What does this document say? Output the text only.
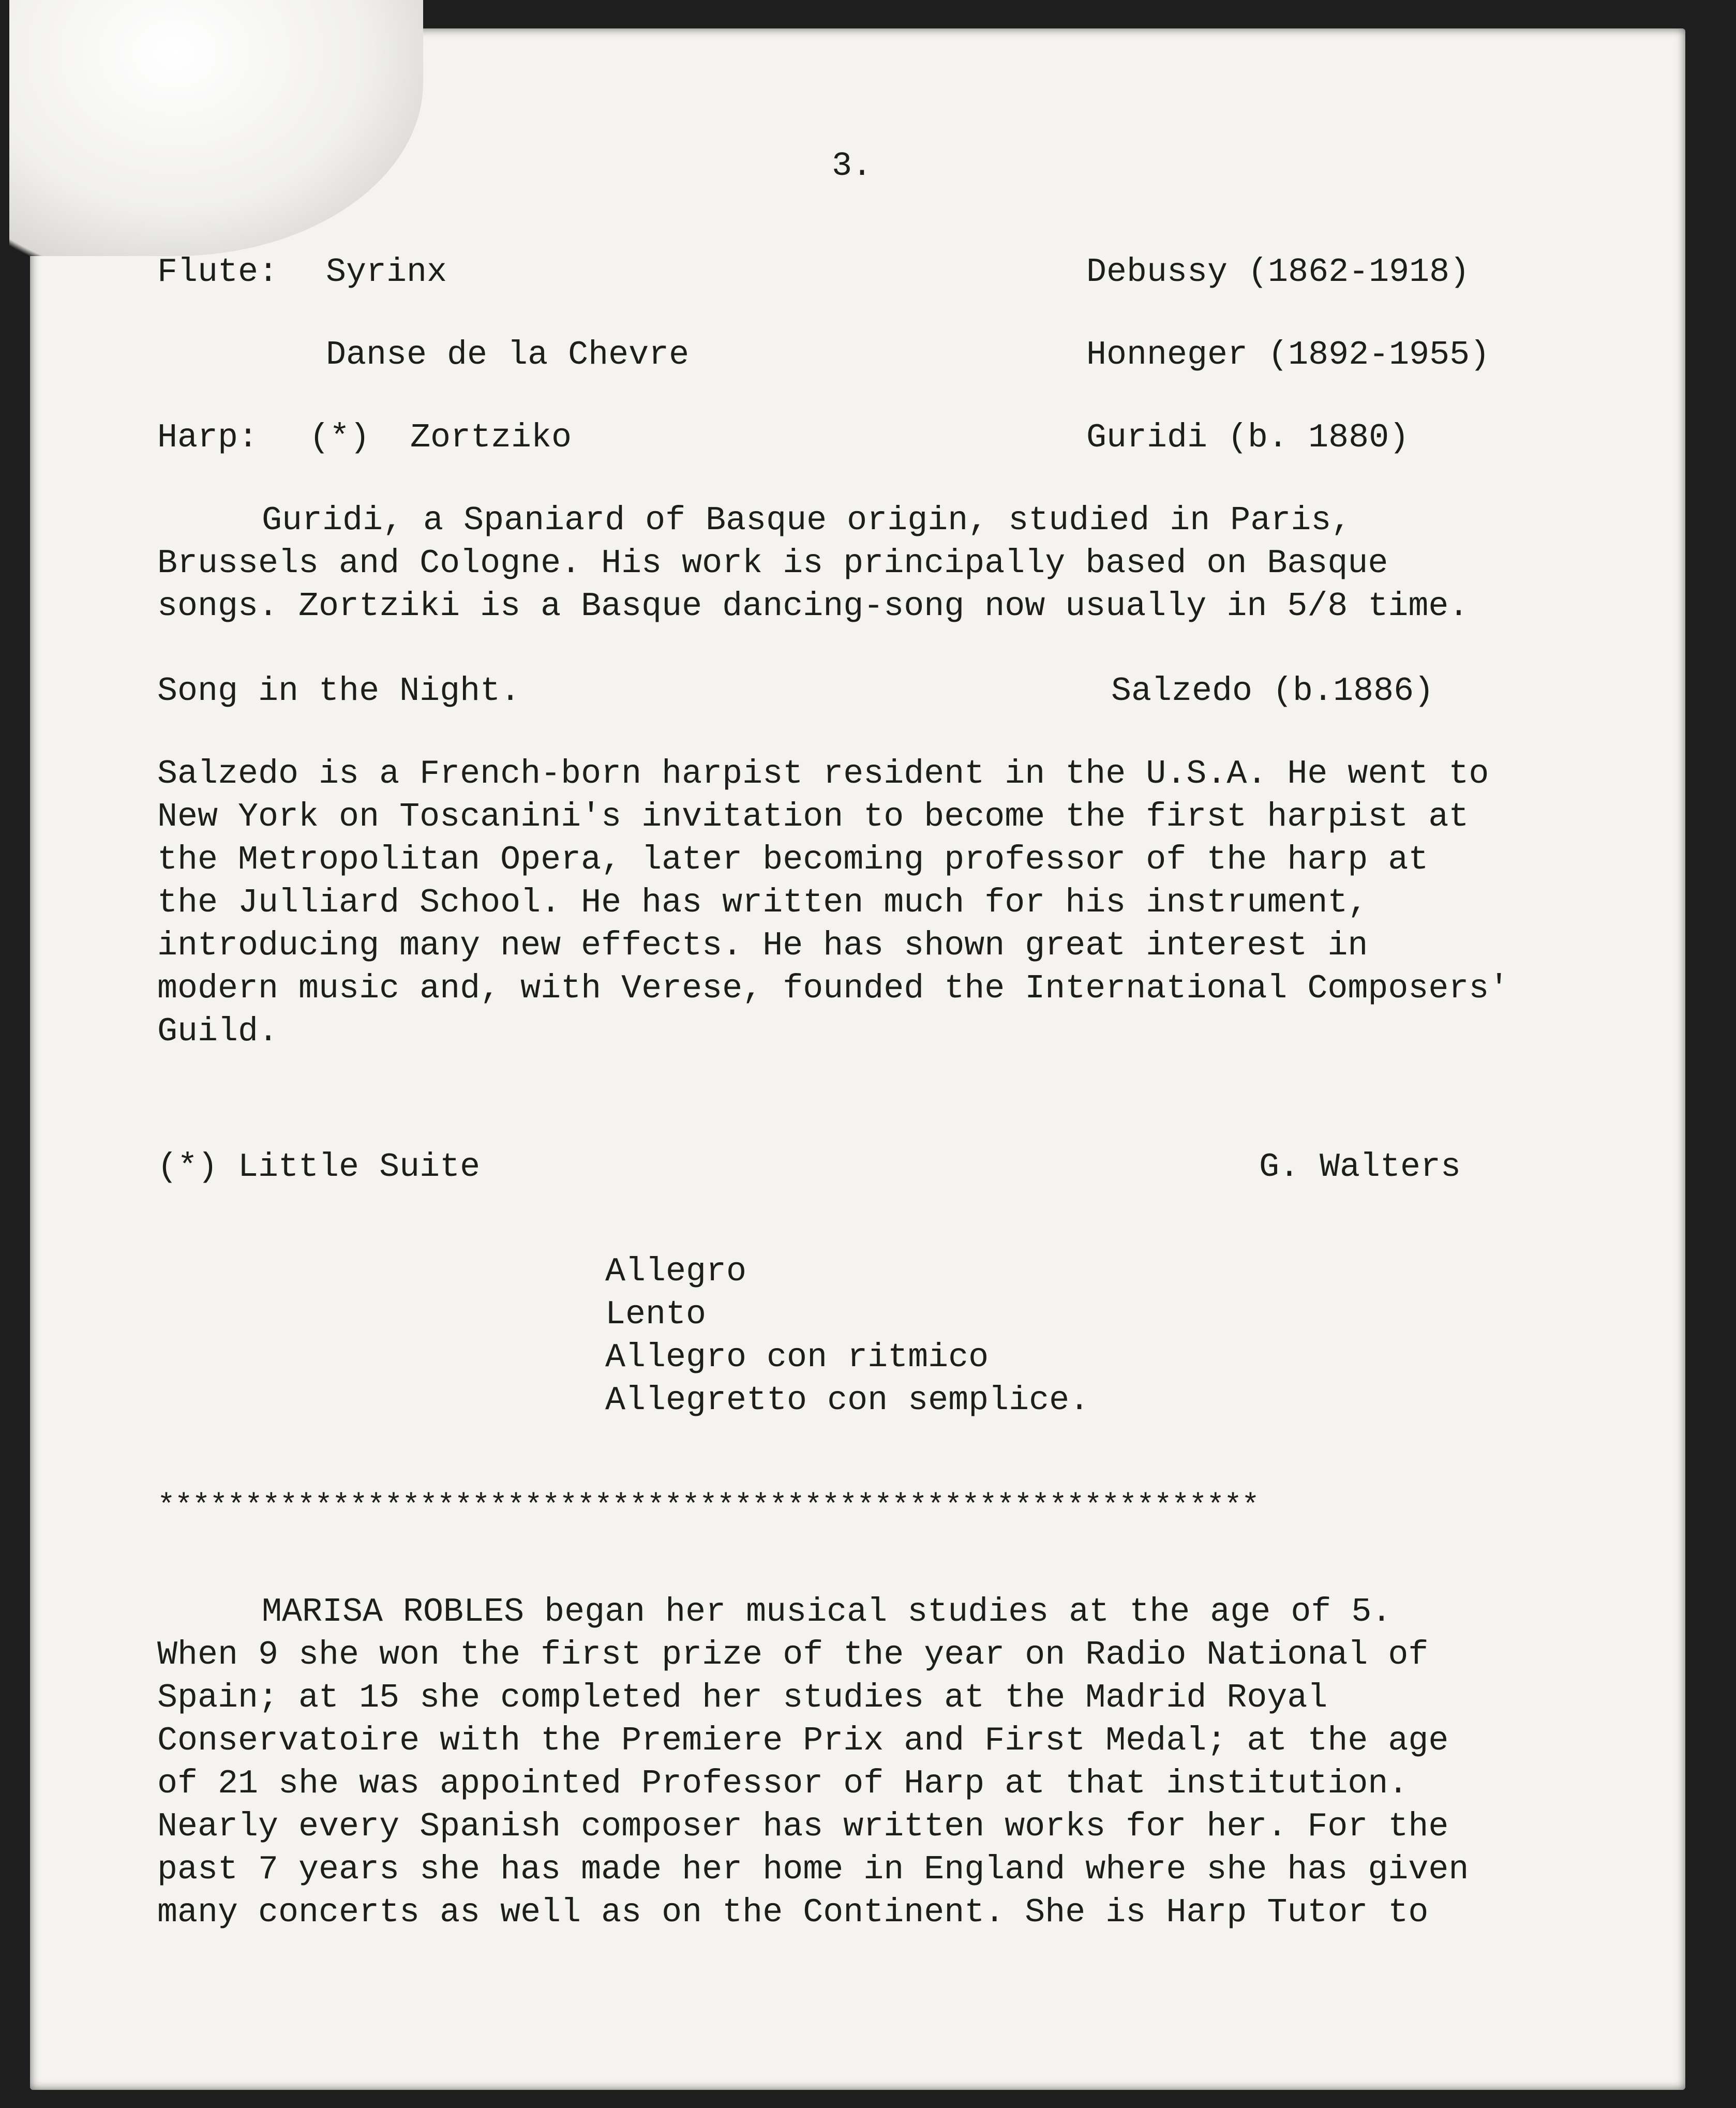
3.
Flute: Syrinx	Debussy (1862-1918)
Danse de la Chevre	Honneger (1892-1955)
Harp: (*) Zortziko	Guridi (b. 1880)
Guridi, a Spaniard of Basque origin, studied in Paris,
Brussels and Cologne. His work is principally based on Basque
songs. Zortziki is a Basque dancing-song now usually in 5/8 time.
Song in the Night.	Salzedo (b.1886)
Salzedo is a French-born harpist resident in the U.S.A. He went to
New York on Toscanini's invitation to become the first harpist at
the Metropolitan Opera, later becoming professor of the harp at
the Julliard School. He has written much for his instrument,
introducing many new effects. He has shown great interest in
modern music and, with Verese, founded the International Composers'
Guild.
(*) Little Suite	G. Walters
Allegro
Lento
Allegro con ritmico
Allegretto con semplice.
***************************************************************
MARISA ROBLES began her musical studies at the age of 5.
When 9 she won the first prize of the year on Radio National of
Spain; at 15 she completed her studies at the Madrid Royal
Conservatoire with the Premiere Prix and First Medal; at the age
of 21 she was appointed Professor of Harp at that institution.
Nearly every Spanish composer has written works for her. For the
past 7 years she has made her home in England where she has given
many concerts as well as on the Continent. She is Harp Tutor to
